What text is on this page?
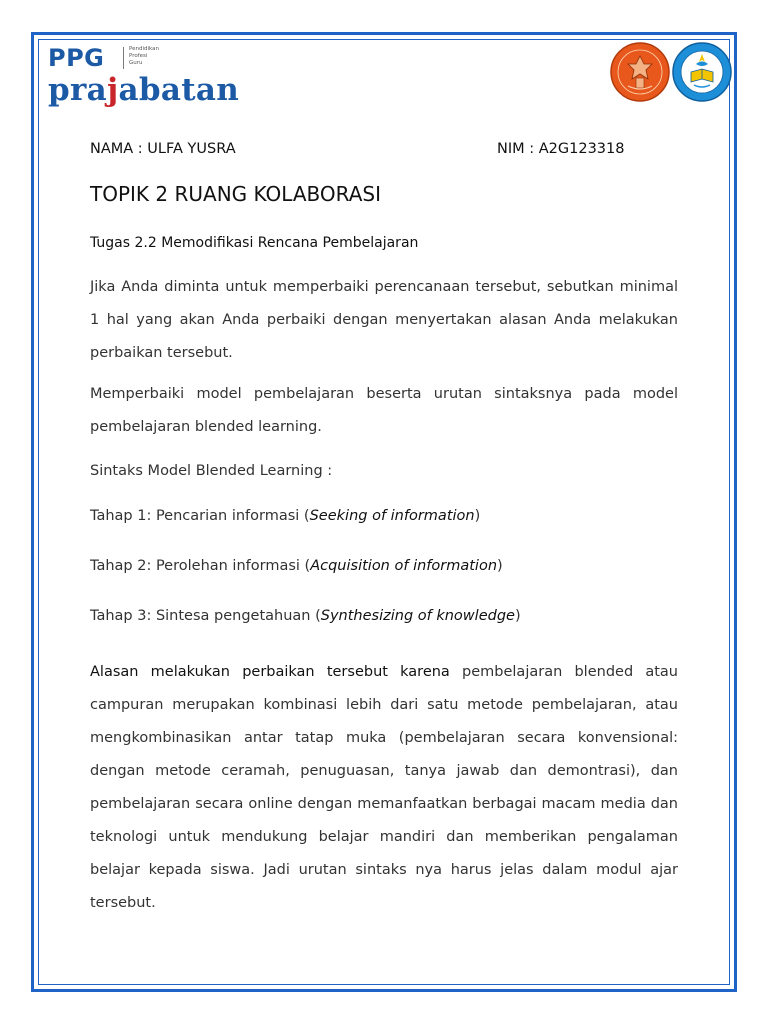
PPG	Pendidikan
Profesi
Guru
prajabatan
NAMA : ULFA YUSRA	NIM : A2G123318
TOPIK 2 RUANG KOLABORASI
Tugas 2.2 Memodifikasi Rencana Pembelajaran
Jika Anda diminta untuk memperbaiki perencanaan tersebut, sebutkan minimal 1 hal yang akan Anda perbaiki dengan menyertakan alasan Anda melakukan perbaikan tersebut.
Memperbaiki model pembelajaran beserta urutan sintaksnya pada model pembelajaran blended learning.
Sintaks Model Blended Learning :
Tahap 1: Pencarian informasi (Seeking of information)
Tahap 2: Perolehan informasi (Acquisition of information)
Tahap 3: Sintesa pengetahuan (Synthesizing of knowledge)
Alasan melakukan perbaikan tersebut karena pembelajaran blended atau campuran merupakan kombinasi lebih dari satu metode pembelajaran, atau mengkombinasikan antar tatap muka (pembelajaran secara konvensional: dengan metode ceramah, penuguasan, tanya jawab dan demontrasi), dan pembelajaran secara online dengan memanfaatkan berbagai macam media dan teknologi untuk mendukung belajar mandiri dan memberikan pengalaman belajar kepada siswa. Jadi urutan sintaks nya harus jelas dalam modul ajar tersebut.
